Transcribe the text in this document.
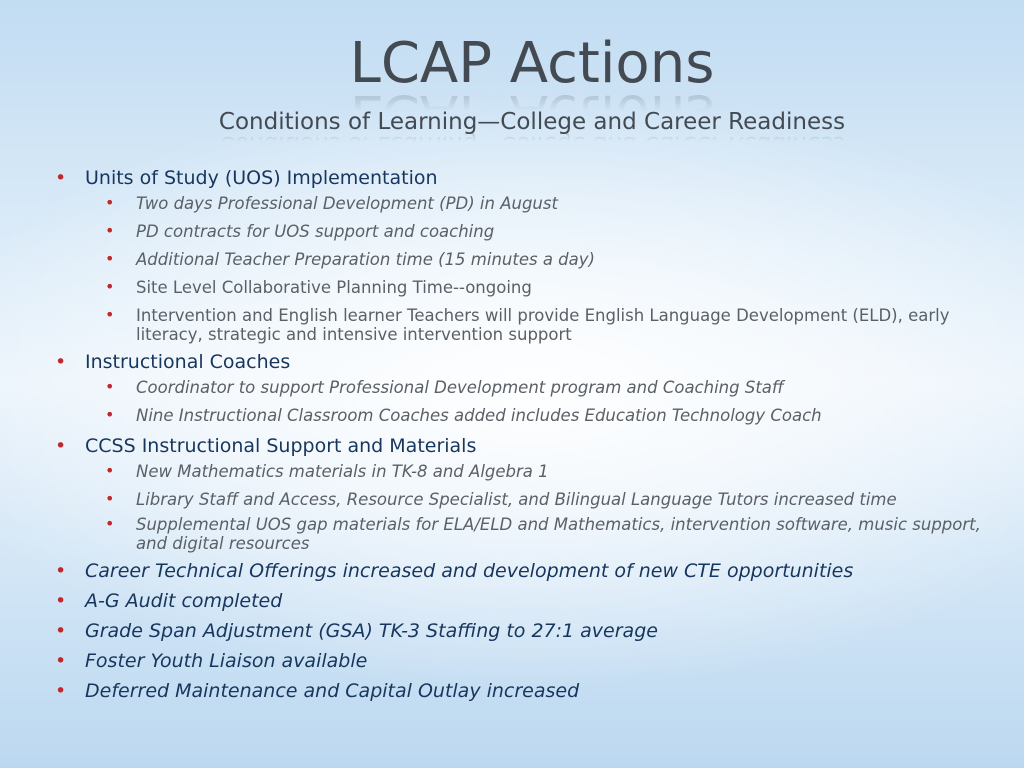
LCAP Actions
Conditions of Learning—College and Career Readiness
• Units of Study (UOS) Implementation
• Two days Professional Development (PD) in August
• PD contracts for UOS support and coaching
• Additional Teacher Preparation time (15 minutes a day)
• Site Level Collaborative Planning Time--ongoing
• Intervention and English learner Teachers will provide English Language Development (ELD), early literacy, strategic and intensive intervention support
• Instructional Coaches
• Coordinator to support Professional Development program and Coaching Staff
• Nine Instructional Classroom Coaches added includes Education Technology Coach
• CCSS Instructional Support and Materials
• New Mathematics materials in TK-8 and Algebra 1
• Library Staff and Access, Resource Specialist, and Bilingual Language Tutors increased time
• Supplemental UOS gap materials for ELA/ELD and Mathematics, intervention software, music support, and digital resources
• Career Technical Offerings increased and development of new CTE opportunities
• A-G Audit completed
• Grade Span Adjustment (GSA) TK-3 Staffing to 27:1 average
• Foster Youth Liaison available
• Deferred Maintenance and Capital Outlay increased
